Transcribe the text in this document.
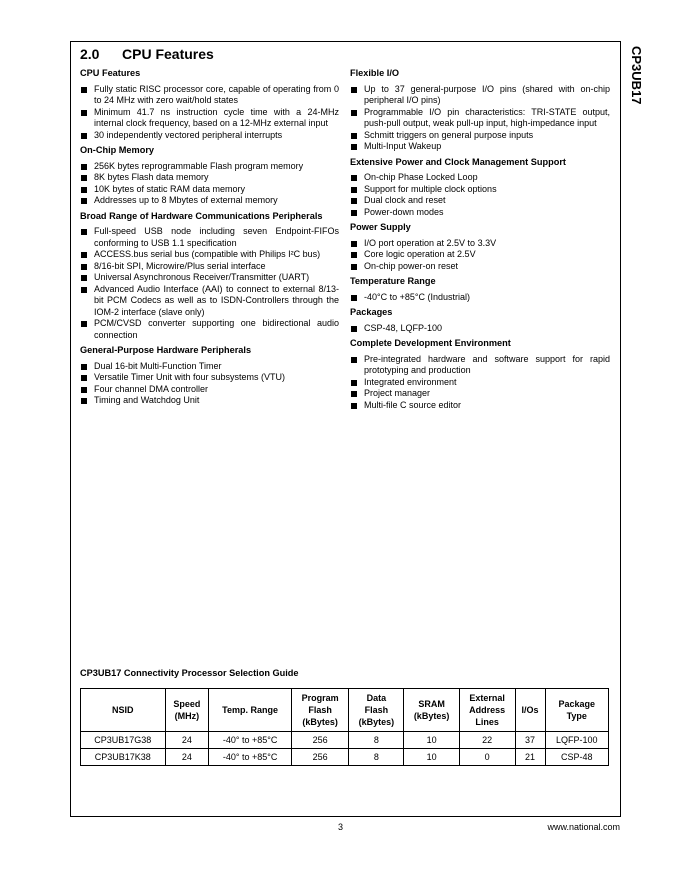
CP3UB17
2.0 CPU Features
CPU Features
Fully static RISC processor core, capable of operating from 0 to 24 MHz with zero wait/hold states
Minimum 41.7 ns instruction cycle time with a 24-MHz internal clock frequency, based on a 12-MHz external input
30 independently vectored peripheral interrupts
On-Chip Memory
256K bytes reprogrammable Flash program memory
8K bytes Flash data memory
10K bytes of static RAM data memory
Addresses up to 8 Mbytes of external memory
Broad Range of Hardware Communications Peripherals
Full-speed USB node including seven Endpoint-FIFOs conforming to USB 1.1 specification
ACCESS.bus serial bus (compatible with Philips I²C bus)
8/16-bit SPI, Microwire/Plus serial interface
Universal Asynchronous Receiver/Transmitter (UART)
Advanced Audio Interface (AAI) to connect to external 8/13-bit PCM Codecs as well as to ISDN-Controllers through the IOM-2 interface (slave only)
PCM/CVSD converter supporting one bidirectional audio connection
General-Purpose Hardware Peripherals
Dual 16-bit Multi-Function Timer
Versatile Timer Unit with four subsystems (VTU)
Four channel DMA controller
Timing and Watchdog Unit
Flexible I/O
Up to 37 general-purpose I/O pins (shared with on-chip peripheral I/O pins)
Programmable I/O pin characteristics: TRI-STATE output, push-pull output, weak pull-up input, high-impedance input
Schmitt triggers on general purpose inputs
Multi-Input Wakeup
Extensive Power and Clock Management Support
On-chip Phase Locked Loop
Support for multiple clock options
Dual clock and reset
Power-down modes
Power Supply
I/O port operation at 2.5V to 3.3V
Core logic operation at 2.5V
On-chip power-on reset
Temperature Range
-40°C to +85°C (Industrial)
Packages
CSP-48, LQFP-100
Complete Development Environment
Pre-integrated hardware and software support for rapid prototyping and production
Integrated environment
Project manager
Multi-file C source editor
CP3UB17 Connectivity Processor Selection Guide
NSID	Speed
(MHz)	Temp. Range	Program
Flash
(kBytes)	Data
Flash
(kBytes)	SRAM
(kBytes)	External
Address
Lines	I/Os	Package
Type
CP3UB17G38	24	-40° to +85°C	256	8	10	22	37	LQFP-100
CP3UB17K38	24	-40° to +85°C	256	8	10	0	21	CSP-48
3	www.national.com
